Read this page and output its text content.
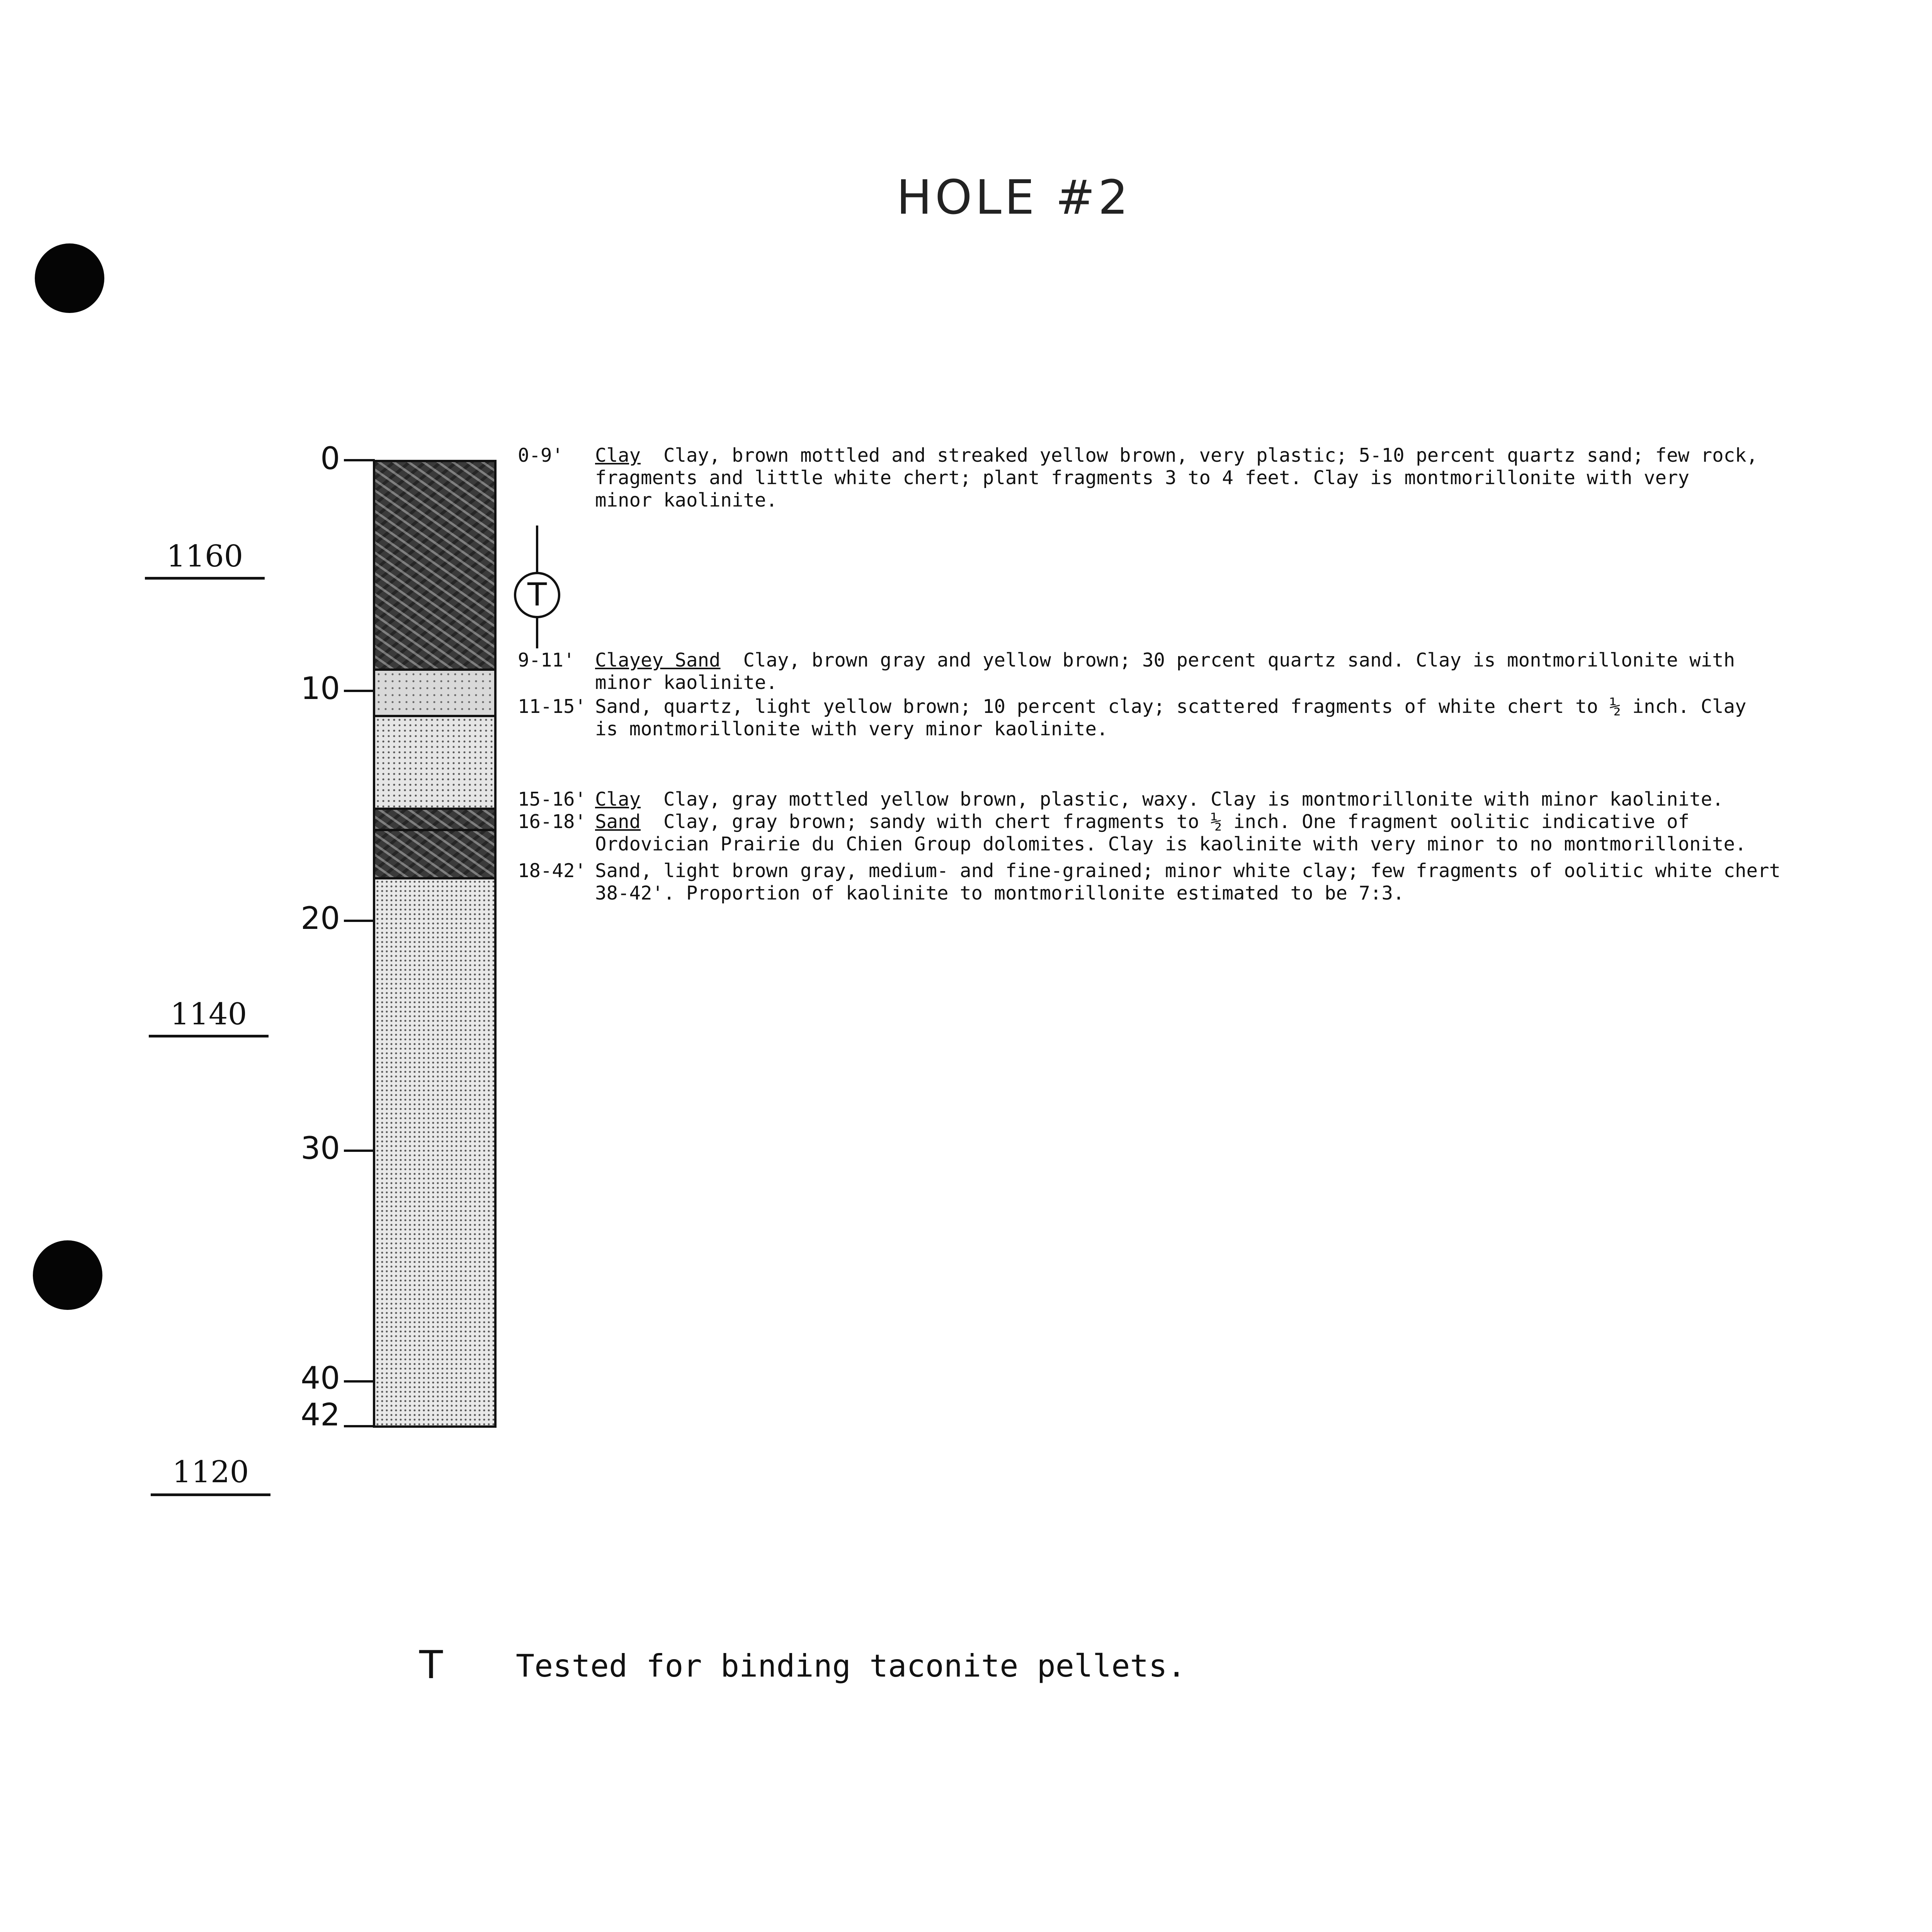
HOLE #2
0
10
20
30
40
42
1160
1140
1120
T
0-9' Clay Clay, brown mottled and streaked yellow brown, very plastic; 5-10 percent quartz sand; few rock,
fragments and little white chert; plant fragments 3 to 4 feet. Clay is montmorillonite with very
minor kaolinite.
9-11' Clayey Sand Clay, brown gray and yellow brown; 30 percent quartz sand. Clay is montmorillonite with
minor kaolinite.
11-15' Sand, quartz, light yellow brown; 10 percent clay; scattered fragments of white chert to ½ inch. Clay
is montmorillonite with very minor kaolinite.
15-16' Clay Clay, gray mottled yellow brown, plastic, waxy. Clay is montmorillonite with minor kaolinite.
16-18' Sand Clay, gray brown; sandy with chert fragments to ½ inch. One fragment oolitic indicative of
Ordovician Prairie du Chien Group dolomites. Clay is kaolinite with very minor to no montmorillonite.
18-42' Sand, light brown gray, medium- and fine-grained; minor white clay; few fragments of oolitic white chert
38-42'. Proportion of kaolinite to montmorillonite estimated to be 7:3.
T Tested for binding taconite pellets.
